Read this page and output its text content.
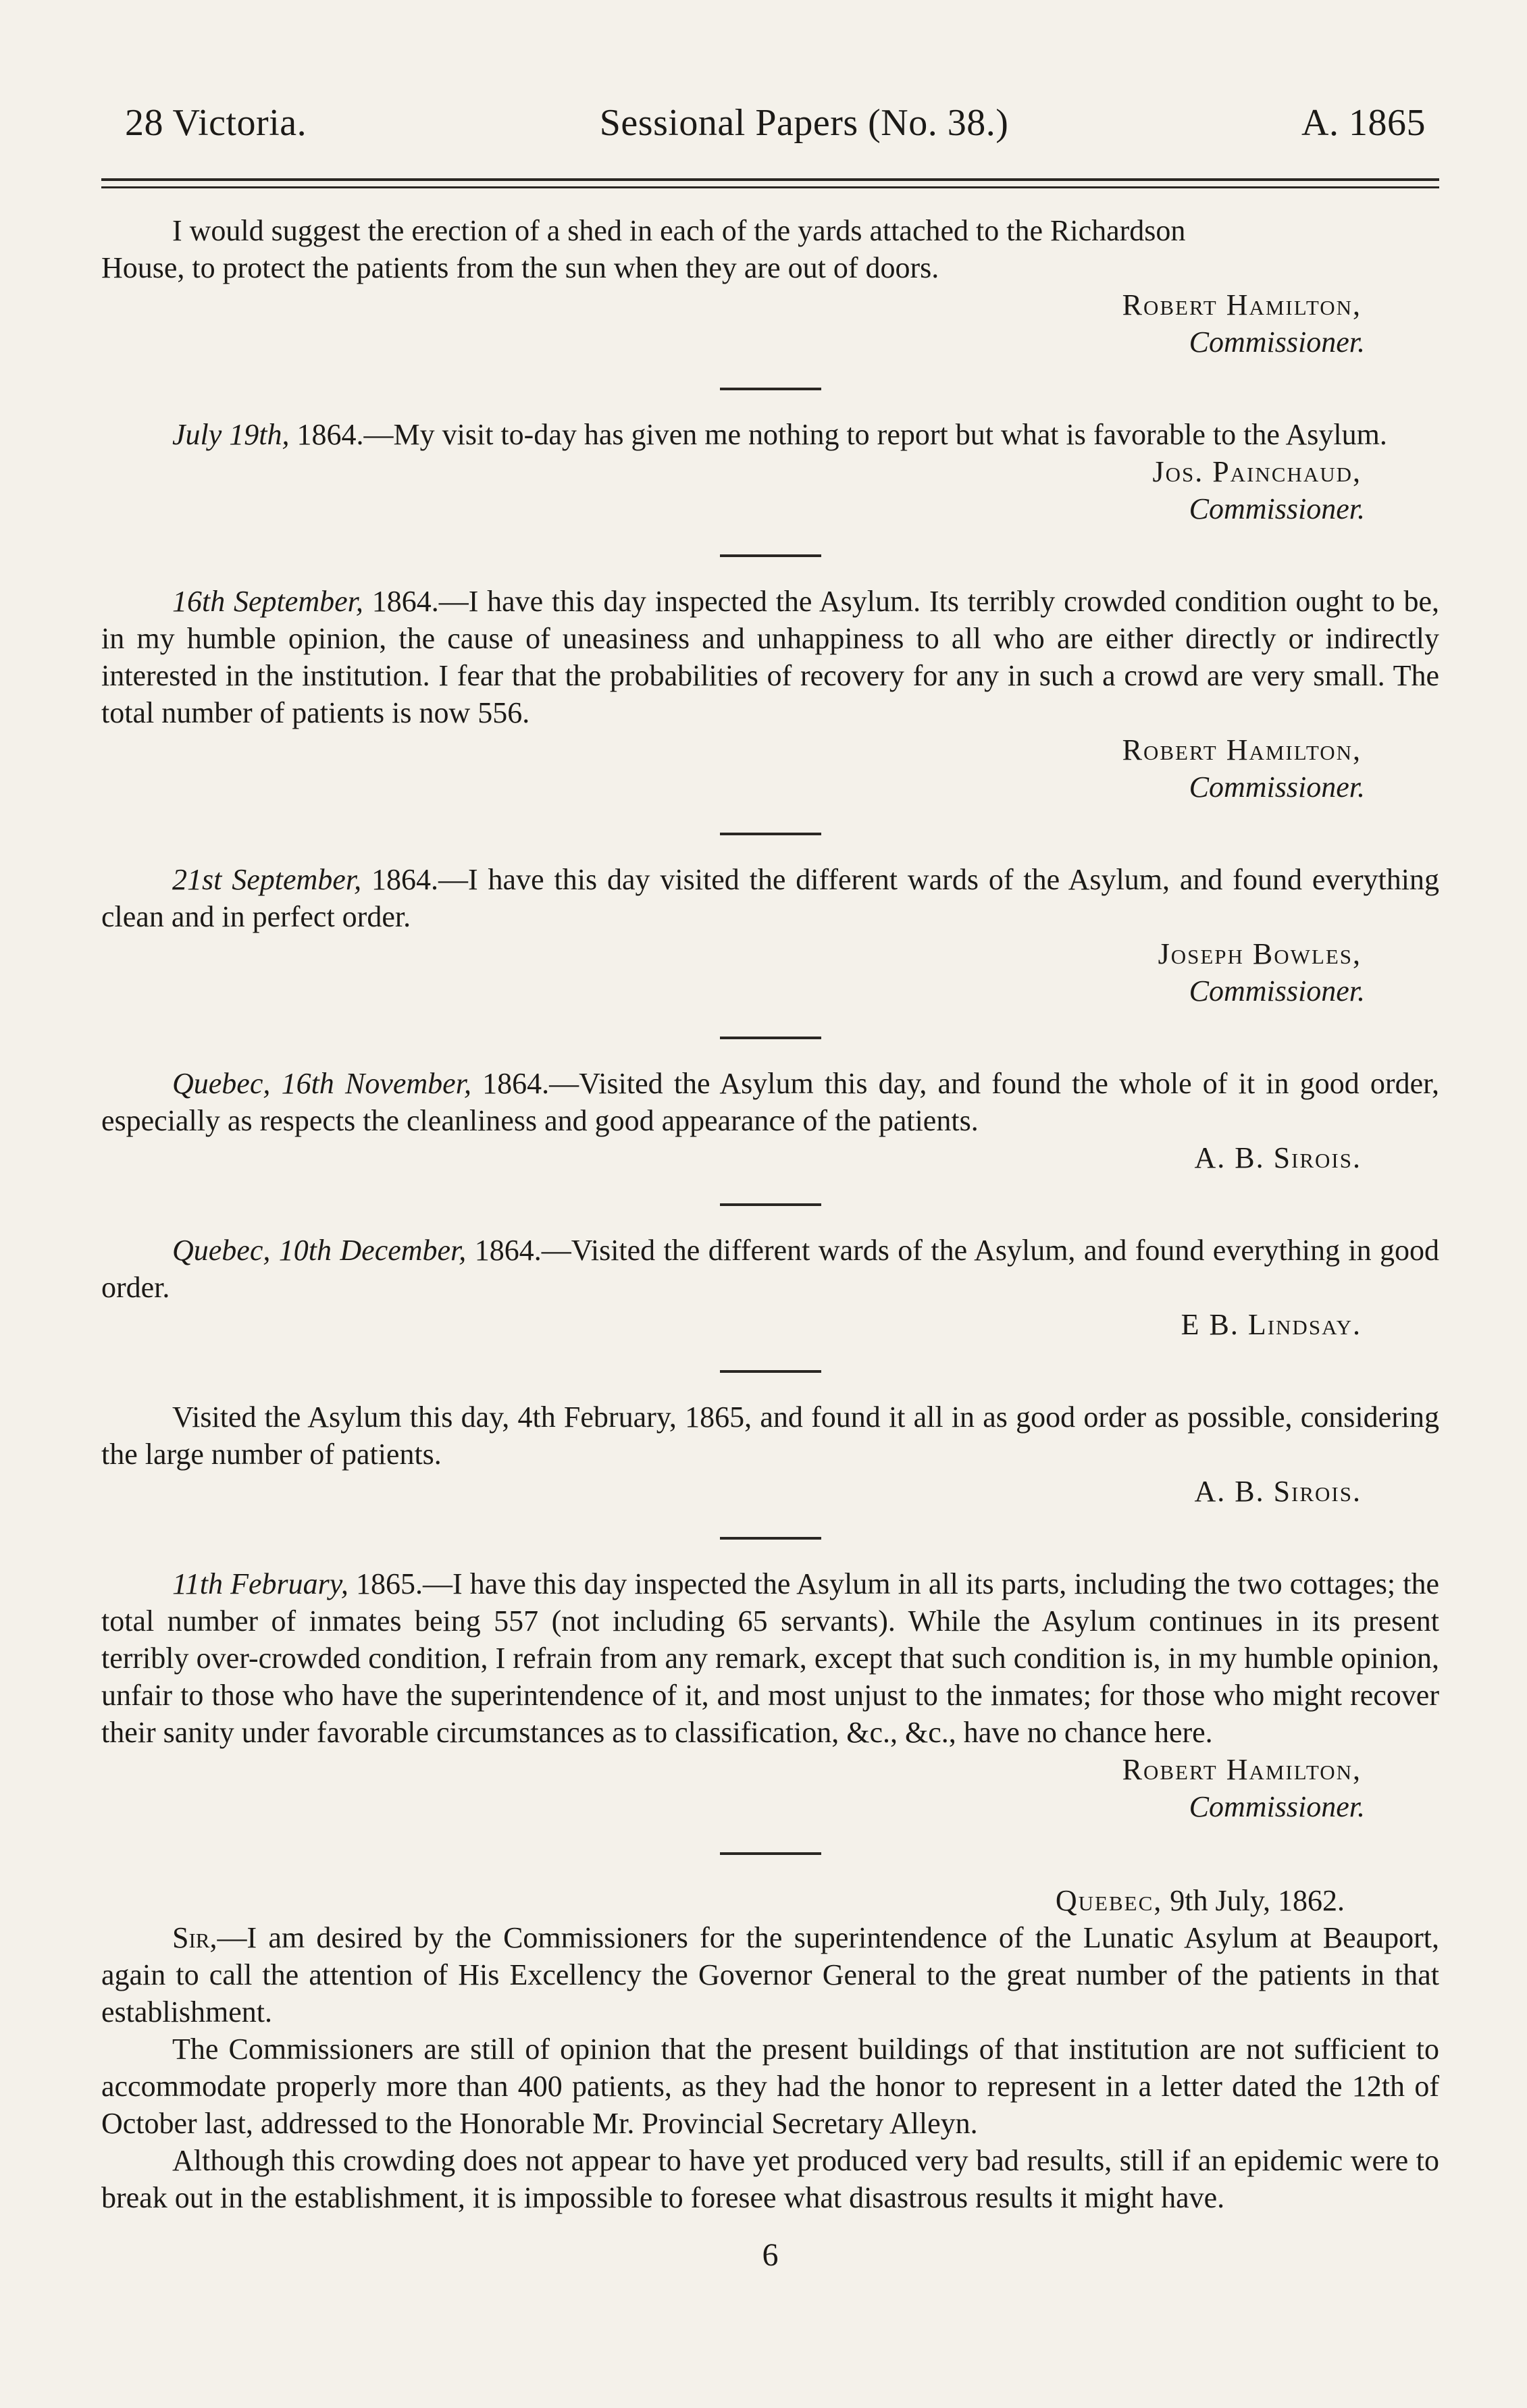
28 Victoria.	Sessional Papers (No. 38.)	A. 1865

I would suggest the erection of a shed in each of the yards attached to the Richardson
House, to protect the patients from the sun when they are out of doors.

Robert Hamilton,

Commissioner.

July 19th, 1864.—My visit to-day has given me nothing to report but what is favorable to the Asylum.

Jos. Painchaud,

Commissioner.

16th September, 1864.—I have this day inspected the Asylum. Its terribly crowded condition ought to be, in my humble opinion, the cause of uneasiness and unhappiness to all who are either directly or indirectly interested in the institution. I fear that the probabilities of recovery for any in such a crowd are very small. The total number of patients is now 556.

Robert Hamilton,

Commissioner.

21st September, 1864.—I have this day visited the different wards of the Asylum, and found everything clean and in perfect order.

Joseph Bowles,

Commissioner.

Quebec, 16th November, 1864.—Visited the Asylum this day, and found the whole of it in good order, especially as respects the cleanliness and good appearance of the patients.

A. B. Sirois.

Quebec, 10th December, 1864.—Visited the different wards of the Asylum, and found everything in good order.

E B. Lindsay.

Visited the Asylum this day, 4th February, 1865, and found it all in as good order as possible, considering the large number of patients.

A. B. Sirois.

11th February, 1865.—I have this day inspected the Asylum in all its parts, including the two cottages; the total number of inmates being 557 (not including 65 servants). While the Asylum continues in its present terribly over-crowded condition, I refrain from any remark, except that such condition is, in my humble opinion, unfair to those who have the superintendence of it, and most unjust to the inmates; for those who might recover their sanity under favorable circumstances as to classification, &c., &c., have no chance here.

Robert Hamilton,

Commissioner.

Quebec, 9th July, 1862.

Sir,—I am desired by the Commissioners for the superintendence of the Lunatic Asylum at Beauport, again to call the attention of His Excellency the Governor General to the great number of the patients in that establishment.

The Commissioners are still of opinion that the present buildings of that institution are not sufficient to accommodate properly more than 400 patients, as they had the honor to represent in a letter dated the 12th of October last, addressed to the Honorable Mr. Provincial Secretary Alleyn.

Although this crowding does not appear to have yet produced very bad results, still if an epidemic were to break out in the establishment, it is impossible to foresee what disastrous results it might have.

6
